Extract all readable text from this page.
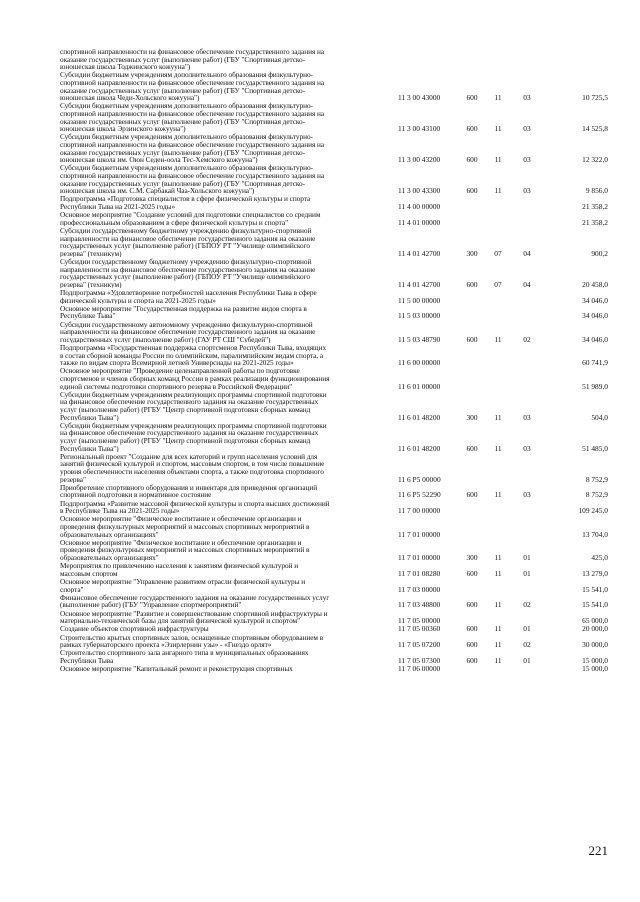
спортивной направленности на финансовое обеспечение государственного задания на
оказание государственных услуг (выполнение работ) (ГБУ "Спортивная детско-
юношеская школа Тоджинского кожууна")
Субсидии бюджетным учреждениям дополнительного образования физкультурно-
спортивной направленности на финансовое обеспечение государственного задания на
оказание государственных услуг (выполнение работ) (ГБУ "Спортивная детско-
юношеская школа Чеди-Хольского кожууна")	11 3 00 43000	600	11	03	10 725,5
Субсидии бюджетным учреждениям дополнительного образования физкультурно-
спортивной направленности на финансовое обеспечение государственного задания на
оказание государственных услуг (выполнение работ) (ГБУ "Спортивная детско-
юношеская школа Эрзинского кожууна")	11 3 00 43100	600	11	03	14 525,8
Субсидии бюджетным учреждениям дополнительного образования физкультурно-
спортивной направленности на финансовое обеспечение государственного задания на
оказание государственных услуг (выполнение работ) (ГБУ "Спортивная детско-
юношеская школа им. Оюн Седен-оола Тес-Хемского кожууна")	11 3 00 43200	600	11	03	12 322,0
Субсидии бюджетным учреждениям дополнительного образования физкультурно-
спортивной направленности на финансовое обеспечение государственного задания на
оказание государственных услуг (выполнение работ) (ГБУ "Спортивная детско-
юношеская школа им. С.М. Сарбакай Чаа-Хольского кожууна")	11 3 00 43300	600	11	03	9 856,0
Подпрограмма «Подготовка специалистов в сфере физической культуры и спорта
Республики Тыва на 2021-2025 годы»	11 4 00 00000	21 358,2
Основное мероприятие "Создание условий для подготовки специалистов со средним
профессиональным образованием в сфере физической культуры и спорта"	11 4 01 00000	21 358,2
Субсидии государственному бюджетному учреждению физкультурно-спортивной
направленности на финансовое обеспечение государственного задания на оказание
государственных услуг (выполнение работ) (ГБПОУ РТ "Училище олимпийского
резерва" (техникум)	11 4 01 42700	300	07	04	900,2
Субсидии государственному бюджетному учреждению физкультурно-спортивной
направленности на финансовое обеспечение государственного задания на оказание
государственных услуг (выполнение работ) (ГБПОУ РТ "Училище олимпийского
резерва" (техникум)	11 4 01 42700	600	07	04	20 458,0
Подпрограмма «Удовлетворение потребностей населения Республики Тыва в сфере
физической культуры и спорта на 2021-2025 годы»	11 5 00 00000	34 046,0
Основное мероприятие "Государственная поддержка на развитие видов спорта в
Республике Тыва"	11 5 03 00000	34 046,0
Субсидии государственному автономному учреждению физкультурно-спортивной
направленности на финансовое обеспечение государственного задания на оказание
государственных услуг (выполнение работ) (ГАУ РТ СШ "Субедей")	11 5 03 48790	600	11	02	34 046,0
Подпрограмма «Государственная поддержка спортсменов Республики Тыва, входящих
в состав сборной команды России по олимпийским, паралимпийским видам спорта, а
также по видам спорта Всемирной летней Универсиады на 2021-2025 годы»	11 6 00 00000	60 741,9
Основное мероприятие "Проведение целенаправленной работы по подготовке
спортсменов и членов сборных команд России в рамках реализации функционирования
единой системы подготовки спортивного резерва в Российской Федерации"	11 6 01 00000	51 989,0
Субсидии бюджетным учреждениям реализующих программы спортивной подготовки
на финансовое обеспечение государственного задания на оказание государственных
услуг (выполнение работ) (РГБУ "Центр спортивной подготовки сборных команд
Республики Тыва")	11 6 01 48200	300	11	03	504,0
Субсидии бюджетным учреждениям реализующих программы спортивной подготовки
на финансовое обеспечение государственного задания на оказание государственных
услуг (выполнение работ) (РГБУ "Центр спортивной подготовки сборных команд
Республики Тыва")	11 6 01 48200	600	11	03	51 485,0
Региональный проект "Создание для всех категорий и групп населения условий для
занятий физической культурой и спортом, массовым спортом, в том числе повышение
уровня обеспеченности населения объектами спорта, а также подготовка спортивного
резерва"	11 6 P5 00000	8 752,9
Приобретение спортивного оборудования и инвентаря для приведения организаций
спортивной подготовки в нормативное состояние	11 6 P5 52290	600	11	03	8 752,9
Подпрограмма «Развитие массовой физической культуры и спорта высших достижений
в Республике Тыва на 2021-2025 годы»	11 7 00 00000	109 245,0
Основное мероприятие "Физическое воспитание и обеспечение организации и
проведения физкультурных мероприятий и массовых спортивных мероприятий в
образовательных организациях"	11 7 01 00000	13 704,0
Основное мероприятие "Физическое воспитание и обеспечение организации и
проведения физкультурных мероприятий и массовых спортивных мероприятий в
образовательных организациях"	11 7 01 00000	300	11	01	425,0
Мероприятия по привлечению населения к занятиям физической культурой и
массовым спортом	11 7 01 08280	600	11	01	13 279,0
Основное мероприятие "Управление развитием отрасли физической культуры и
спорта"	11 7 03 00000	15 541,0
Финансовое обеспечение государственного задания на оказание государственных услуг
(выполнение работ) (ГБУ "Управление спортмероприятий"	11 7 03 48800	600	11	02	15 541,0
Основное мероприятие "Развитие и совершенствование спортивной инфраструктуры и
материально-технической базы для занятий физической культурой и спортом"	11 7 05 00000	65 000,0
Создание объектов спортивной инфраструктуры	11 7 05 00360	600	11	01	20 000,0
Строительство крытых спортивных залов, оснащенные спортивным оборудованием в
рамках губернаторского проекта «Эзирлернин узы» - «Гнездо орлят»	11 7 05 07200	600	11	02	30 000,0
Строительство спортивного зала ангарного типа в муниципальных образованиях
Республики Тыва	11 7 05 07300	600	11	01	15 000,0
Основное мероприятие "Капитальный ремонт и реконструкция спортивных	11 7 06 00000	15 000,0
221
